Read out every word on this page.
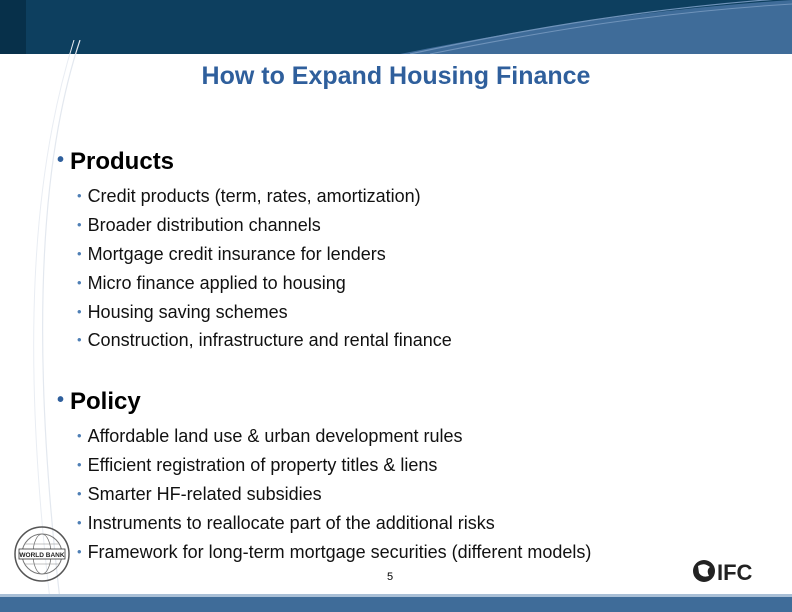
How to Expand Housing Finance

• Products

• Credit products (term, rates, amortization)
• Broader distribution channels
• Mortgage credit insurance for lenders
• Micro finance applied to housing
• Housing saving schemes
• Construction, infrastructure and rental finance

• Policy

• Affordable land use & urban development rules
• Efficient registration of property titles & liens
• Smarter HF-related subsidies
• Instruments to reallocate part of the additional risks
• Framework for long-term mortgage securities (different models)
5
WORLD BANK
IFC
